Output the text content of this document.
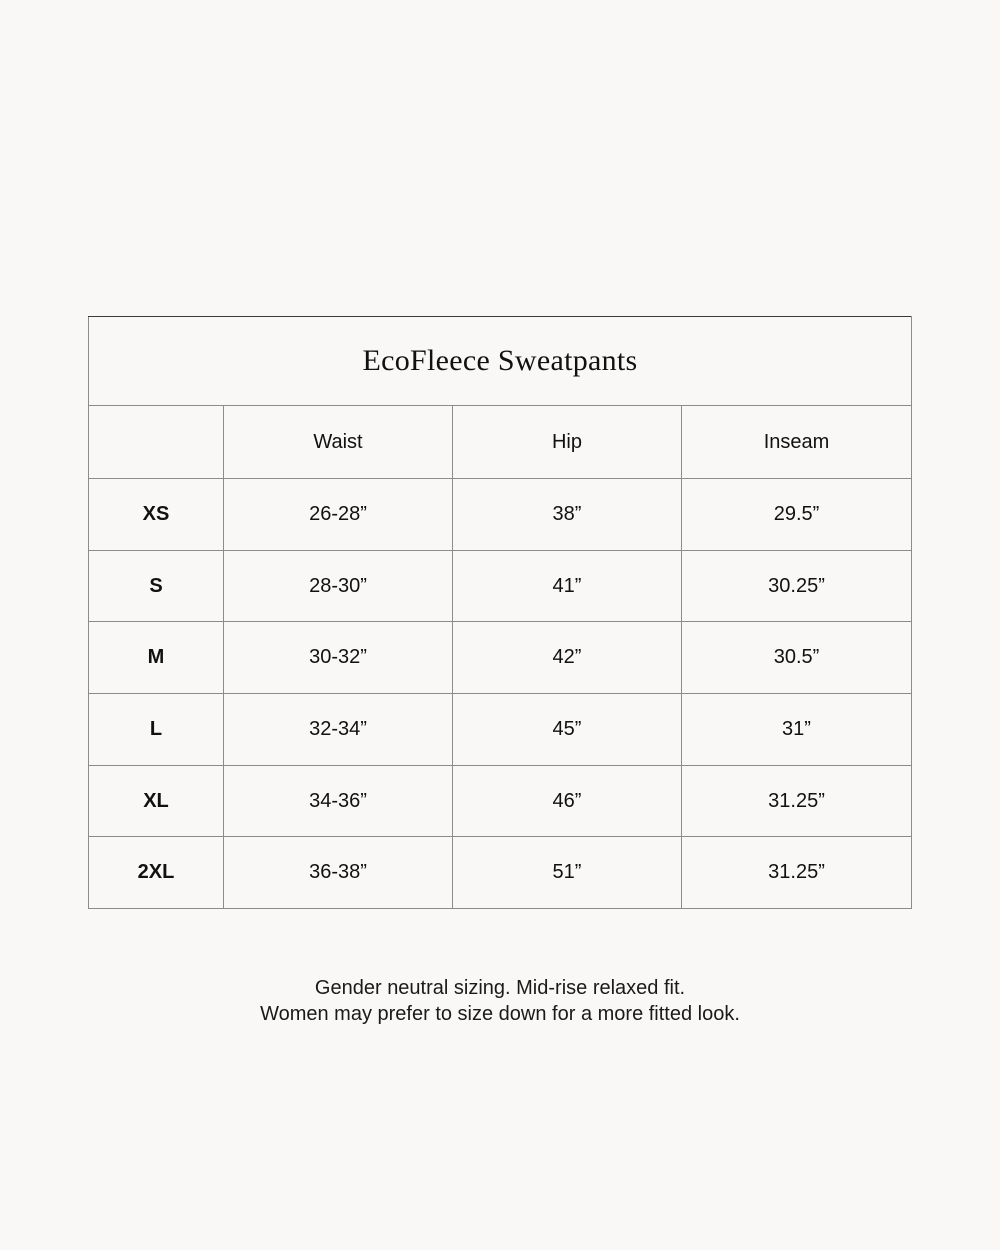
EcoFleece Sweatpants			
	Waist	Hip	Inseam
XS	26-28”	38”	29.5”
S	28-30”	41”	30.25”
M	30-32”	42”	30.5”
L	32-34”	45”	31”
XL	34-36”	46”	31.25”
2XL	36-38”	51”	31.25”
Gender neutral sizing. Mid-rise relaxed fit.
Women may prefer to size down for a more fitted look.
